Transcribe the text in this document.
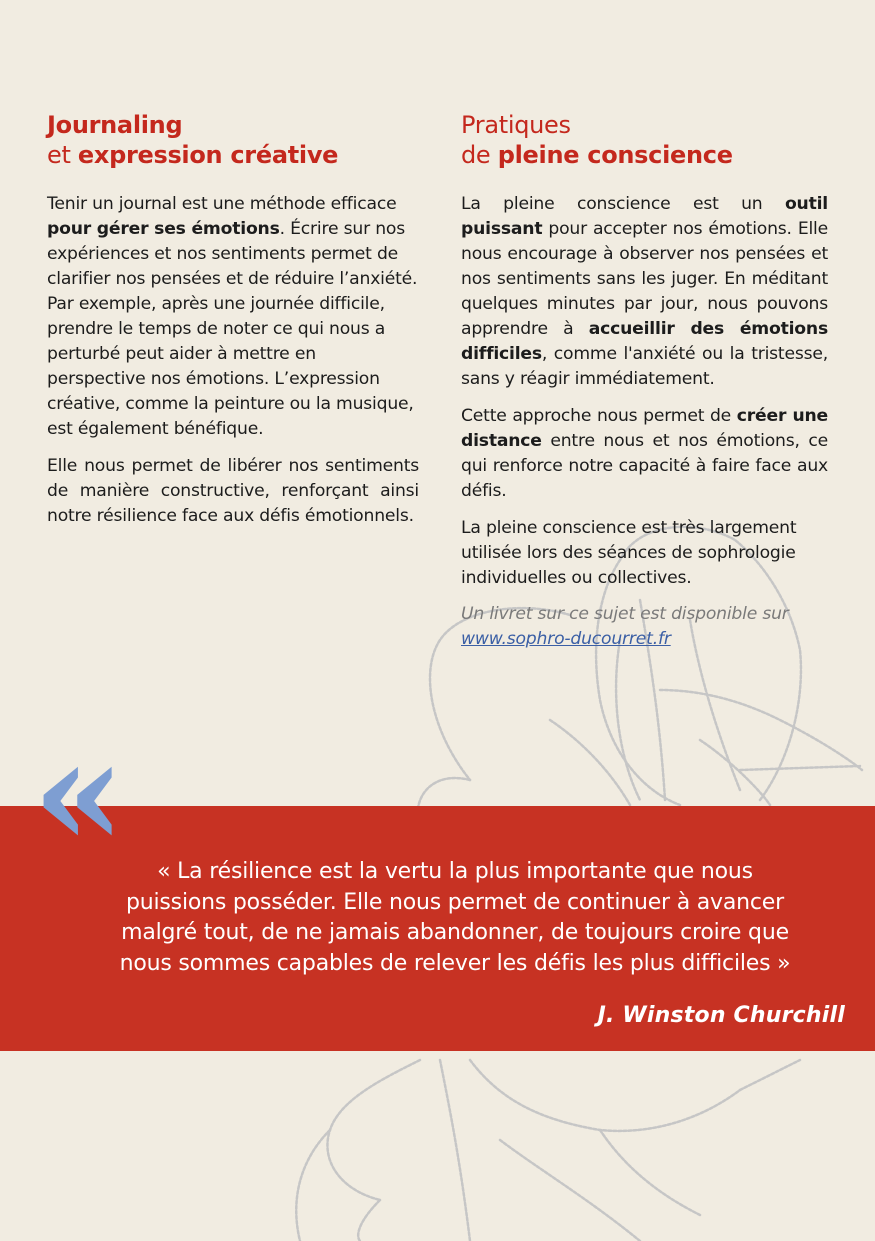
Journaling
et expression créative

Tenir un journal est une méthode efficace pour gérer ses émotions. Écrire sur nos expériences et nos sentiments permet de clarifier nos pensées et de réduire l’anxiété. Par exemple, après une journée difficile, prendre le temps de noter ce qui nous a perturbé peut aider à mettre en perspective nos émotions. L’expression créative, comme la peinture ou la musique, est également bénéfique.

Elle nous permet de libérer nos sentiments de manière constructive, renforçant ainsi notre résilience face aux défis émotionnels.

Pratiques
de pleine conscience

La pleine conscience est un outil puissant pour accepter nos émotions. Elle nous encourage à observer nos pensées et nos sentiments sans les juger. En méditant quelques minutes par jour, nous pouvons apprendre à accueillir des émotions difficiles, comme l'anxiété ou la tristesse, sans y réagir immédiatement.

Cette approche nous permet de créer une distance entre nous et nos émotions, ce qui renforce notre capacité à faire face aux défis.

La pleine conscience est très largement utilisée lors des séances de sophrologie individuelles ou collectives.

Un livret sur ce sujet est disponible sur
www.sophro-ducourret.fr

«	« La résilience est la vertu la plus importante que nous
puissions posséder. Elle nous permet de continuer à avancer
malgré tout, de ne jamais abandonner, de toujours croire que
nous sommes capables de relever les défis les plus difficiles »
J. Winston Churchill
